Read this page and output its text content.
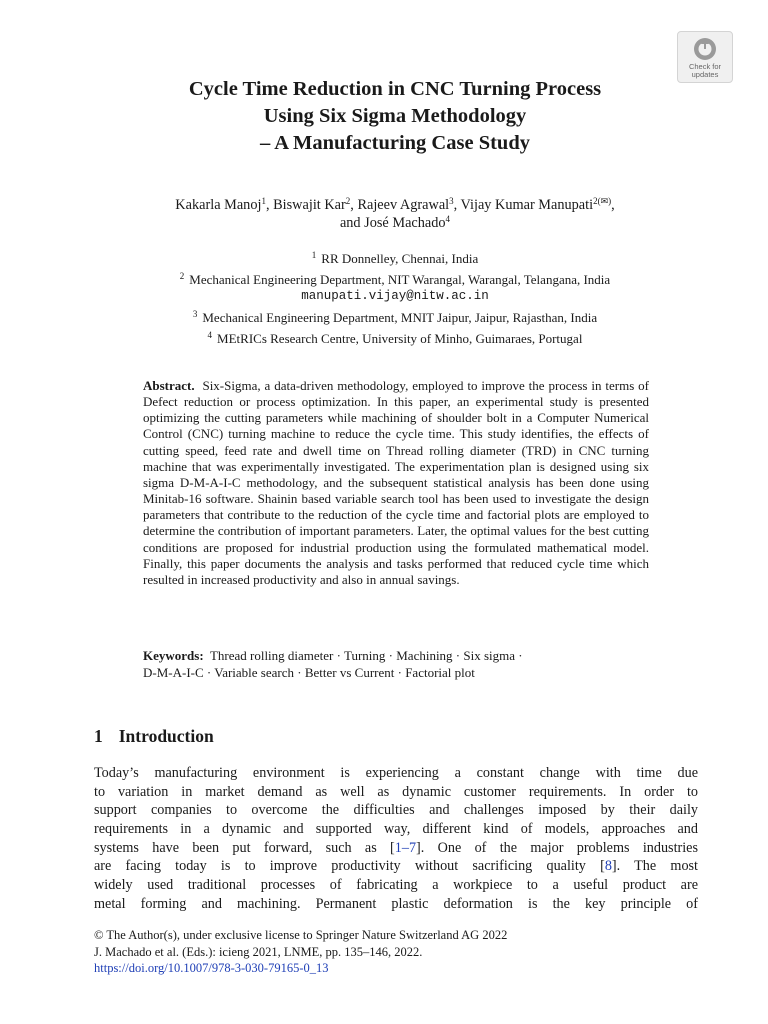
Check for
updates
Cycle Time Reduction in CNC Turning Process
Using Six Sigma Methodology
– A Manufacturing Case Study
Kakarla Manoj$^1$, Biswajit Kar$^2$, Rajeev Agrawal$^3$, Vijay Kumar Manupati$^{2(✉)}$,
and José Machado$^4$
$^1$ RR Donnelley, Chennai, India
$^2$ Mechanical Engineering Department, NIT Warangal, Warangal, Telangana, India
manupati.vijay@nitw.ac.in
$^3$ Mechanical Engineering Department, MNIT Jaipur, Jaipur, Rajasthan, India
$^4$ MEtRICs Research Centre, University of Minho, Guimaraes, Portugal
Abstract. Six-Sigma, a data-driven methodology, employed to improve the process in terms of Defect reduction or process optimization. In this paper, an experimental study is presented optimizing the cutting parameters while machining of shoulder bolt in a Computer Numerical Control (CNC) turning machine to reduce the cycle time. This study identifies, the effects of cutting speed, feed rate and dwell time on Thread rolling diameter (TRD) in CNC turning machine that was experimentally investigated. The experimentation plan is designed using six sigma D-M-A-I-C methodology, and the subsequent statistical analysis has been done using Minitab-16 software. Shainin based variable search tool has been used to investigate the design parameters that contribute to the reduction of the cycle time and factorial plots are employed to determine the contribution of important parameters. Later, the optimal values for the best cutting conditions are proposed for industrial production using the formulated mathematical model. Finally, this paper documents the analysis and tasks performed that reduced cycle time which resulted in increased productivity and also in annual savings.
Keywords: Thread rolling diameter · Turning · Machining · Six sigma ·
D-M-A-I-C · Variable search · Better vs Current · Factorial plot
1 Introduction
Today’s manufacturing environment is experiencing a constant change with time due
to variation in market demand as well as dynamic customer requirements. In order to
support companies to overcome the difficulties and challenges imposed by their daily
requirements in a dynamic and supported way, different kind of models, approaches and
systems have been put forward, such as [1–7]. One of the major problems industries
are facing today is to improve productivity without sacrificing quality [8]. The most
widely used traditional processes of fabricating a workpiece to a useful product are
metal forming and machining. Permanent plastic deformation is the key principle of
© The Author(s), under exclusive license to Springer Nature Switzerland AG 2022
J. Machado et al. (Eds.): icieng 2021, LNME, pp. 135–146, 2022.
https://doi.org/10.1007/978-3-030-79165-0_13
